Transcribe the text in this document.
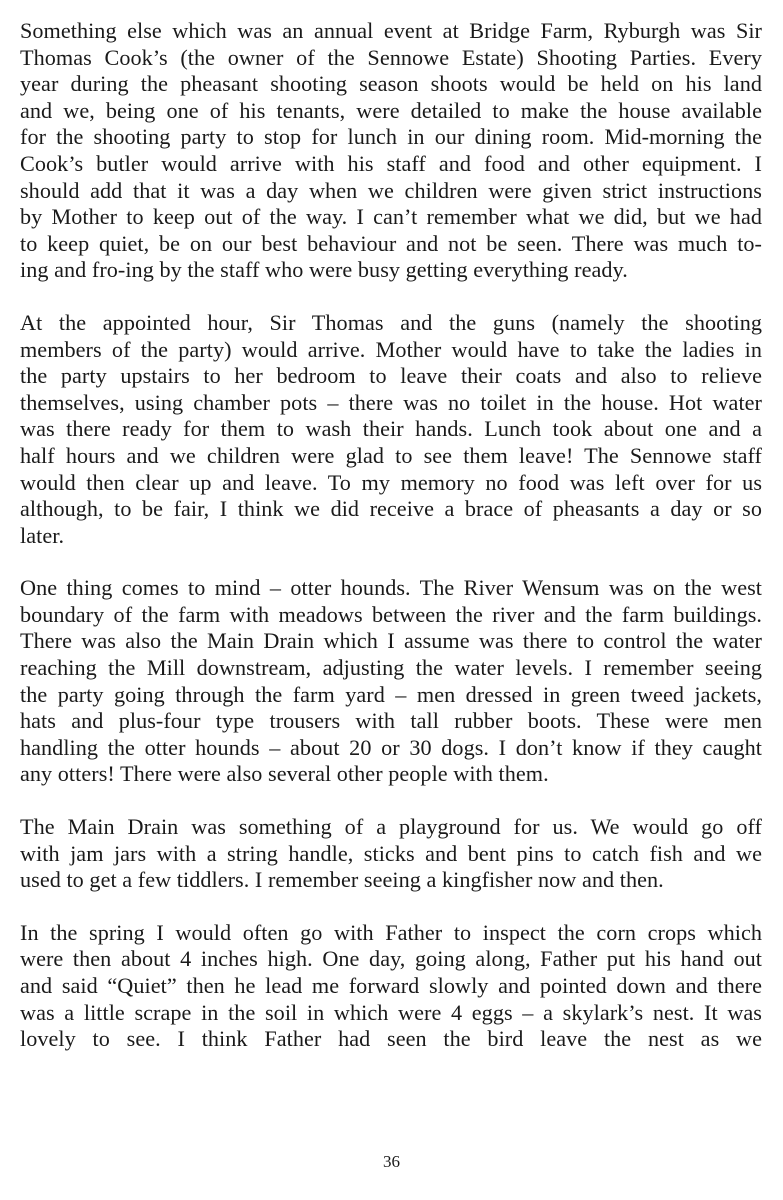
Something else which was an annual event at Bridge Farm, Ryburgh was Sir
Thomas Cook’s (the owner of the Sennowe Estate) Shooting Parties. Every
year during the pheasant shooting season shoots would be held on his land
and we, being one of his tenants, were detailed to make the house available
for the shooting party to stop for lunch in our dining room. Mid-morning the
Cook’s butler would arrive with his staff and food and other equipment. I
should add that it was a day when we children were given strict instructions
by Mother to keep out of the way. I can’t remember what we did, but we had
to keep quiet, be on our best behaviour and not be seen. There was much to-
ing and fro-ing by the staff who were busy getting everything ready.

At the appointed hour, Sir Thomas and the guns (namely the shooting
members of the party) would arrive. Mother would have to take the ladies in
the party upstairs to her bedroom to leave their coats and also to relieve
themselves, using chamber pots – there was no toilet in the house. Hot water
was there ready for them to wash their hands. Lunch took about one and a
half hours and we children were glad to see them leave! The Sennowe staff
would then clear up and leave. To my memory no food was left over for us
although, to be fair, I think we did receive a brace of pheasants a day or so
later.

One thing comes to mind – otter hounds. The River Wensum was on the west
boundary of the farm with meadows between the river and the farm buildings.
There was also the Main Drain which I assume was there to control the water
reaching the Mill downstream, adjusting the water levels. I remember seeing
the party going through the farm yard – men dressed in green tweed jackets,
hats and plus-four type trousers with tall rubber boots. These were men
handling the otter hounds – about 20 or 30 dogs. I don’t know if they caught
any otters! There were also several other people with them.

The Main Drain was something of a playground for us. We would go off
with jam jars with a string handle, sticks and bent pins to catch fish and we
used to get a few tiddlers. I remember seeing a kingfisher now and then.

In the spring I would often go with Father to inspect the corn crops which
were then about 4 inches high. One day, going along, Father put his hand out
and said “Quiet” then he lead me forward slowly and pointed down and there
was a little scrape in the soil in which were 4 eggs – a skylark’s nest. It was
lovely to see. I think Father had seen the bird leave the nest as we

36
